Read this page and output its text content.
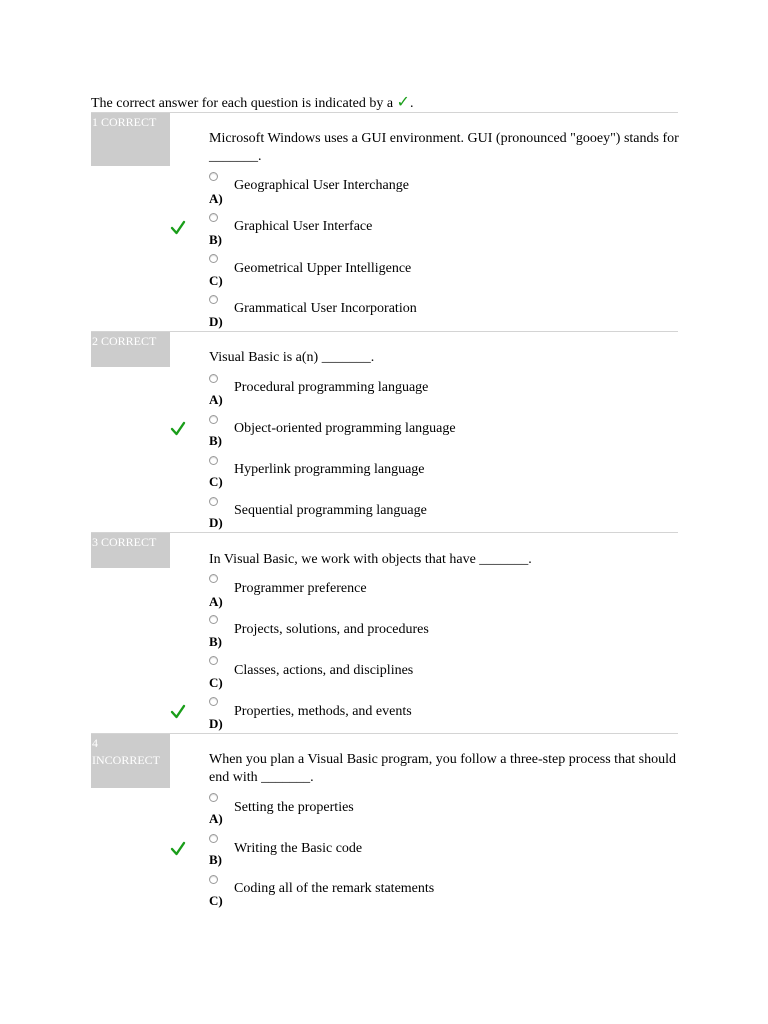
The correct answer for each question is indicated by a ✓.
1 CORRECT
Microsoft Windows uses a GUI environment. GUI (pronounced "gooey") stands for _______.
A)
Geographical User Interchange
B)
Graphical User Interface
C)
Geometrical Upper Intelligence
D)
Grammatical User Incorporation
2 CORRECT
Visual Basic is a(n) _______.
A)
Procedural programming language
B)
Object-oriented programming language
C)
Hyperlink programming language
D)
Sequential programming language
3 CORRECT
In Visual Basic, we work with objects that have _______.
A)
Programmer preference
B)
Projects, solutions, and procedures
C)
Classes, actions, and disciplines
D)
Properties, methods, and events
4
INCORRECT	When you plan a Visual Basic program, you follow a three-step process that should end with _______.
A)
Setting the properties
B)
Writing the Basic code
C)
Coding all of the remark statements
